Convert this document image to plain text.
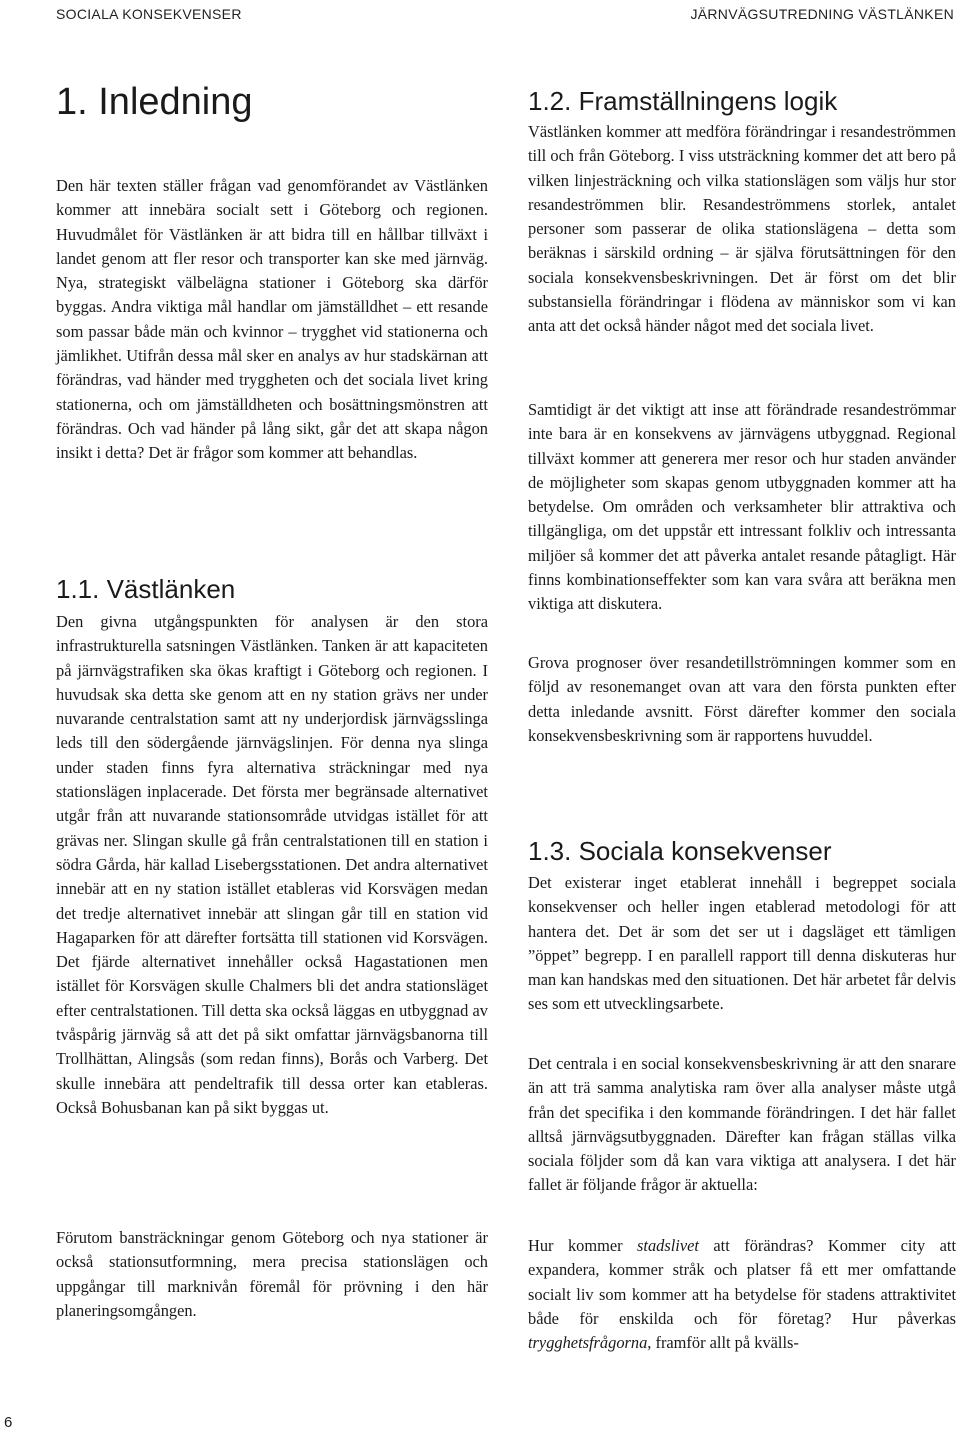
SOCIALA KONSEKVENSER	JÄRNVÄGSUTREDNING VÄSTLÄNKEN
1. Inledning

Den här texten ställer frågan vad genomförandet av Västlänken kommer att innebära socialt sett i Göteborg och regionen. Huvudmålet för Västlänken är att bidra till en hållbar tillväxt i landet genom att fler resor och transporter kan ske med järnväg. Nya, strategiskt välbelägna stationer i Göteborg ska därför byggas. Andra viktiga mål handlar om jämställdhet – ett resande som passar både män och kvinnor – trygghet vid stationerna och jämlikhet. Utifrån dessa mål sker en analys av hur stadskärnan att förändras, vad händer med tryggheten och det sociala livet kring stationerna, och om jämställdheten och bosättningsmönstren att förändras. Och vad händer på lång sikt, går det att skapa någon insikt i detta? Det är frågor som kommer att behandlas.

1.1. Västlänken

Den givna utgångspunkten för analysen är den stora infrastrukturella satsningen Västlänken. Tanken är att kapaciteten på järnvägstrafiken ska ökas kraftigt i Göteborg och regionen. I huvudsak ska detta ske genom att en ny station grävs ner under nuvarande centralstation samt att ny underjordisk järnvägsslinga leds till den södergående järnvägslinjen. För denna nya slinga under staden finns fyra alternativa sträckningar med nya stationslägen inplacerade. Det första mer begränsade alternativet utgår från att nuvarande stationsområde utvidgas istället för att grävas ner. Slingan skulle gå från centralstationen till en station i södra Gårda, här kallad Lisebergsstationen. Det andra alternativet innebär att en ny station istället etableras vid Korsvägen medan det tredje alternativet innebär att slingan går till en station vid Hagaparken för att därefter fortsätta till stationen vid Korsvägen. Det fjärde alternativet innehåller också Hagastationen men istället för Korsvägen skulle Chalmers bli det andra stationsläget efter centralstationen. Till detta ska också läggas en utbyggnad av tvåspårig järnväg så att det på sikt omfattar järnvägsbanorna till Trollhättan, Alingsås (som redan finns), Borås och Varberg. Det skulle innebära att pendeltrafik till dessa orter kan etableras. Också Bohusbanan kan på sikt byggas ut.

Förutom bansträckningar genom Göteborg och nya stationer är också stationsutformning, mera precisa stationslägen och uppgångar till marknivån föremål för prövning i den här planeringsomgången.

1.2. Framställningens logik

Västlänken kommer att medföra förändringar i resandeströmmen till och från Göteborg. I viss utsträckning kommer det att bero på vilken linjesträckning och vilka stationslägen som väljs hur stor resandeströmmen blir. Resandeströmmens storlek, antalet personer som passerar de olika stationslägena – detta som beräknas i särskild ordning – är själva förutsättningen för den sociala konsekvensbeskrivningen. Det är först om det blir substansiella förändringar i flödena av människor som vi kan anta att det också händer något med det sociala livet.

Samtidigt är det viktigt att inse att förändrade resandeströmmar inte bara är en konsekvens av järnvägens utbyggnad. Regional tillväxt kommer att generera mer resor och hur staden använder de möjligheter som skapas genom utbyggnaden kommer att ha betydelse. Om områden och verksamheter blir attraktiva och tillgängliga, om det uppstår ett intressant folkliv och intressanta miljöer så kommer det att påverka antalet resande påtagligt. Här finns kombinationseffekter som kan vara svåra att beräkna men viktiga att diskutera.

Grova prognoser över resandetillströmningen kommer som en följd av resonemanget ovan att vara den första punkten efter detta inledande avsnitt. Först därefter kommer den sociala konsekvensbeskrivning som är rapportens huvuddel.

1.3. Sociala konsekvenser

Det existerar inget etablerat innehåll i begreppet sociala konsekvenser och heller ingen etablerad metodologi för att hantera det. Det är som det ser ut i dagsläget ett tämligen ”öppet” begrepp. I en parallell rapport till denna diskuteras hur man kan handskas med den situationen. Det här arbetet får delvis ses som ett utvecklingsarbete.

Det centrala i en social konsekvensbeskrivning är att den snarare än att trä samma analytiska ram över alla analyser måste utgå från det specifika i den kommande förändringen. I det här fallet alltså järnvägsutbyggnaden. Därefter kan frågan ställas vilka sociala följder som då kan vara viktiga att analysera. I det här fallet är följande frågor är aktuella:

Hur kommer stadslivet att förändras? Kommer city att expandera, kommer stråk och platser få ett mer omfattande socialt liv som kommer att ha betydelse för stadens attraktivitet både för enskilda och för företag? Hur påverkas trygghetsfrågorna, framför allt på kvälls-

6
